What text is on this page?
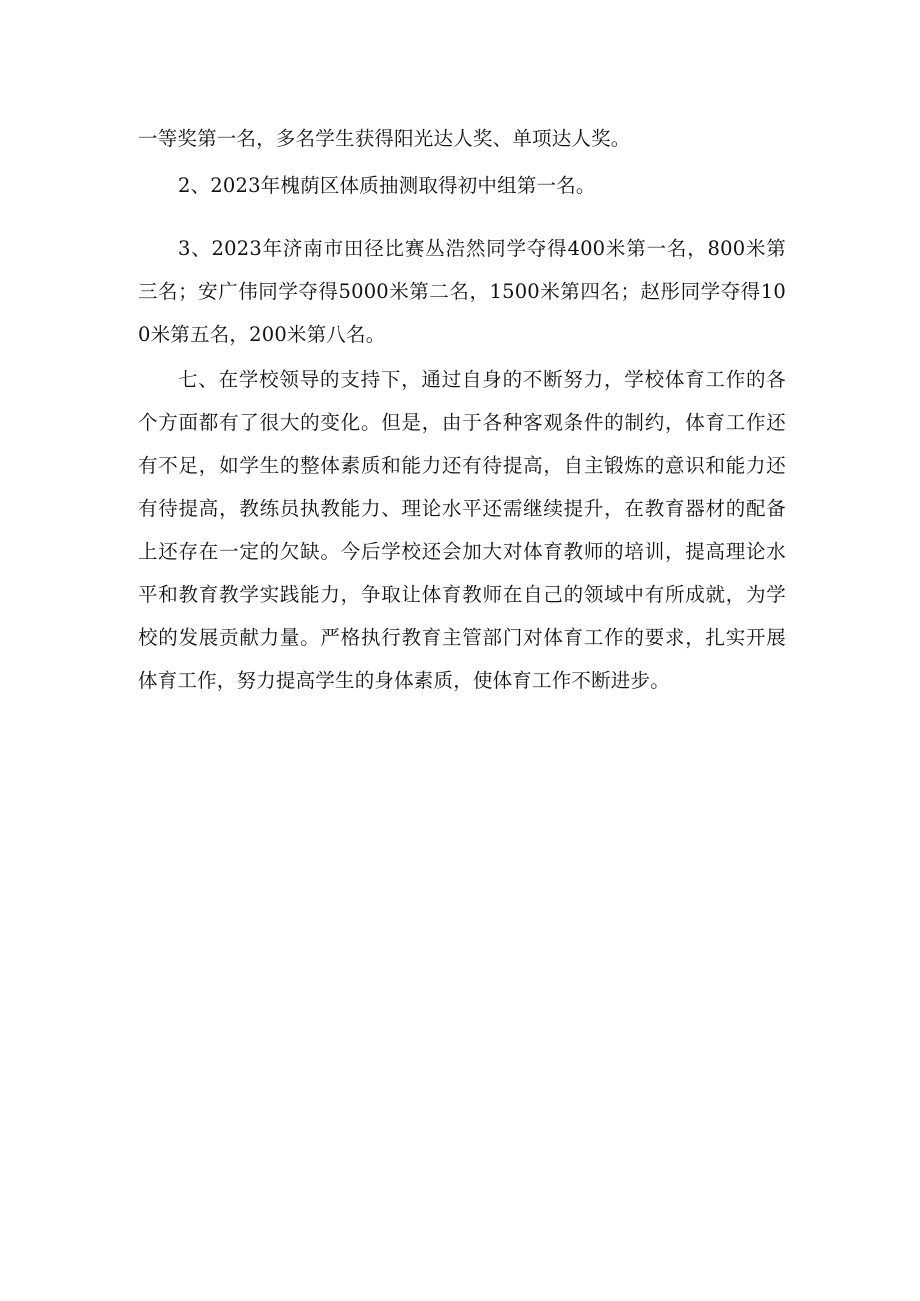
一等奖第一名，多名学生获得阳光达人奖、单项达人奖。

2、2023年槐荫区体质抽测取得初中组第一名。

3、2023年济南市田径比赛丛浩然同学夺得400米第一名，800米第三名；安广伟同学夺得5000米第二名，1500米第四名；赵彤同学夺得100米第五名，200米第八名。

七、在学校领导的支持下，通过自身的不断努力，学校体育工作的各个方面都有了很大的变化。但是，由于各种客观条件的制约，体育工作还有不足，如学生的整体素质和能力还有待提高，自主锻炼的意识和能力还有待提高，教练员执教能力、理论水平还需继续提升，在教育器材的配备上还存在一定的欠缺。今后学校还会加大对体育教师的培训，提高理论水平和教育教学实践能力，争取让体育教师在自己的领域中有所成就，为学校的发展贡献力量。严格执行教育主管部门对体育工作的要求，扎实开展体育工作，努力提高学生的身体素质，使体育工作不断进步。
